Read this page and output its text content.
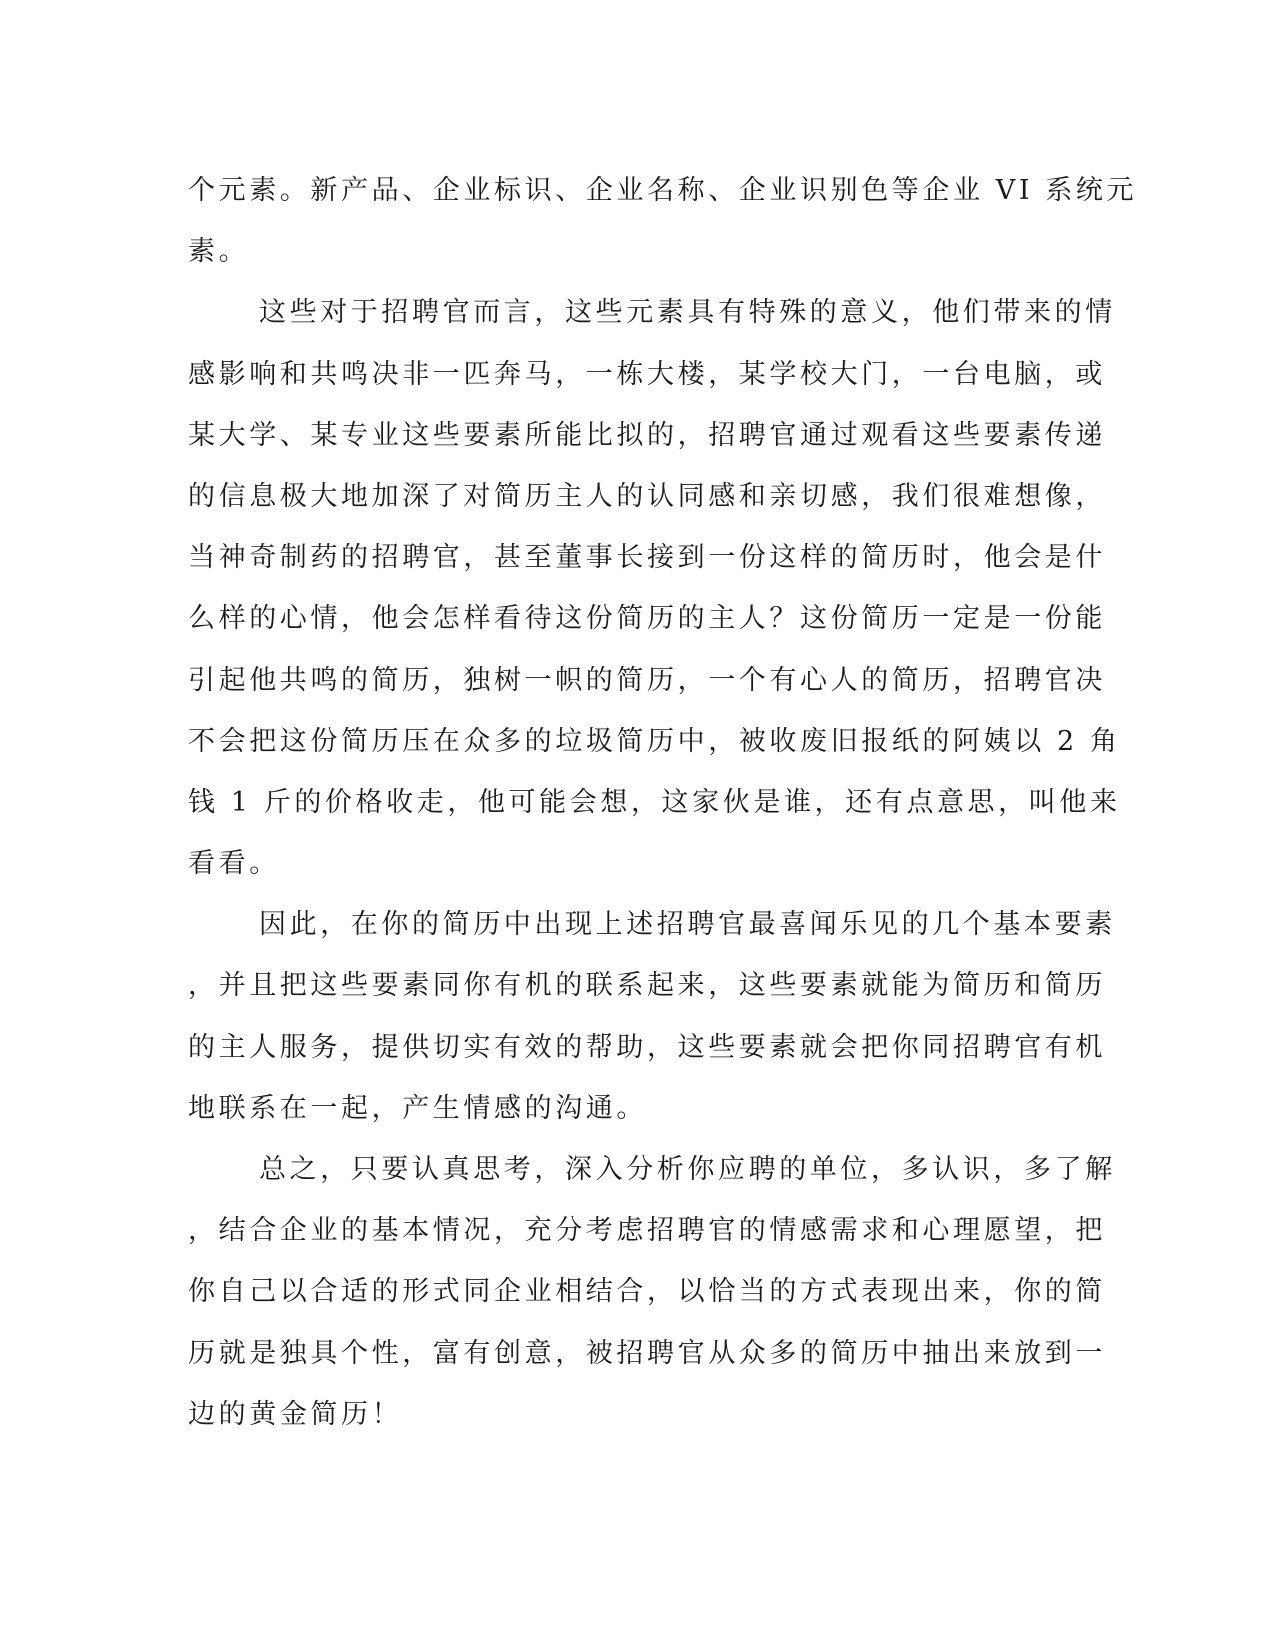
个元素。新产品、企业标识、企业名称、企业识别色等企业 VI 系统元
素。
这些对于招聘官而言，这些元素具有特殊的意义，他们带来的情
感影响和共鸣决非一匹奔马，一栋大楼，某学校大门，一台电脑，或
某大学、某专业这些要素所能比拟的，招聘官通过观看这些要素传递
的信息极大地加深了对简历主人的认同感和亲切感，我们很难想像，
当神奇制药的招聘官，甚至董事长接到一份这样的简历时，他会是什
么样的心情，他会怎样看待这份简历的主人？这份简历一定是一份能
引起他共鸣的简历，独树一帜的简历，一个有心人的简历，招聘官决
不会把这份简历压在众多的垃圾简历中，被收废旧报纸的阿姨以 2 角
钱 1 斤的价格收走，他可能会想，这家伙是谁，还有点意思，叫他来
看看。
因此，在你的简历中出现上述招聘官最喜闻乐见的几个基本要素
，并且把这些要素同你有机的联系起来，这些要素就能为简历和简历
的主人服务，提供切实有效的帮助，这些要素就会把你同招聘官有机
地联系在一起，产生情感的沟通。
总之，只要认真思考，深入分析你应聘的单位，多认识，多了解
，结合企业的基本情况，充分考虑招聘官的情感需求和心理愿望，把
你自己以合适的形式同企业相结合，以恰当的方式表现出来，你的简
历就是独具个性，富有创意，被招聘官从众多的简历中抽出来放到一
边的黄金简历！
